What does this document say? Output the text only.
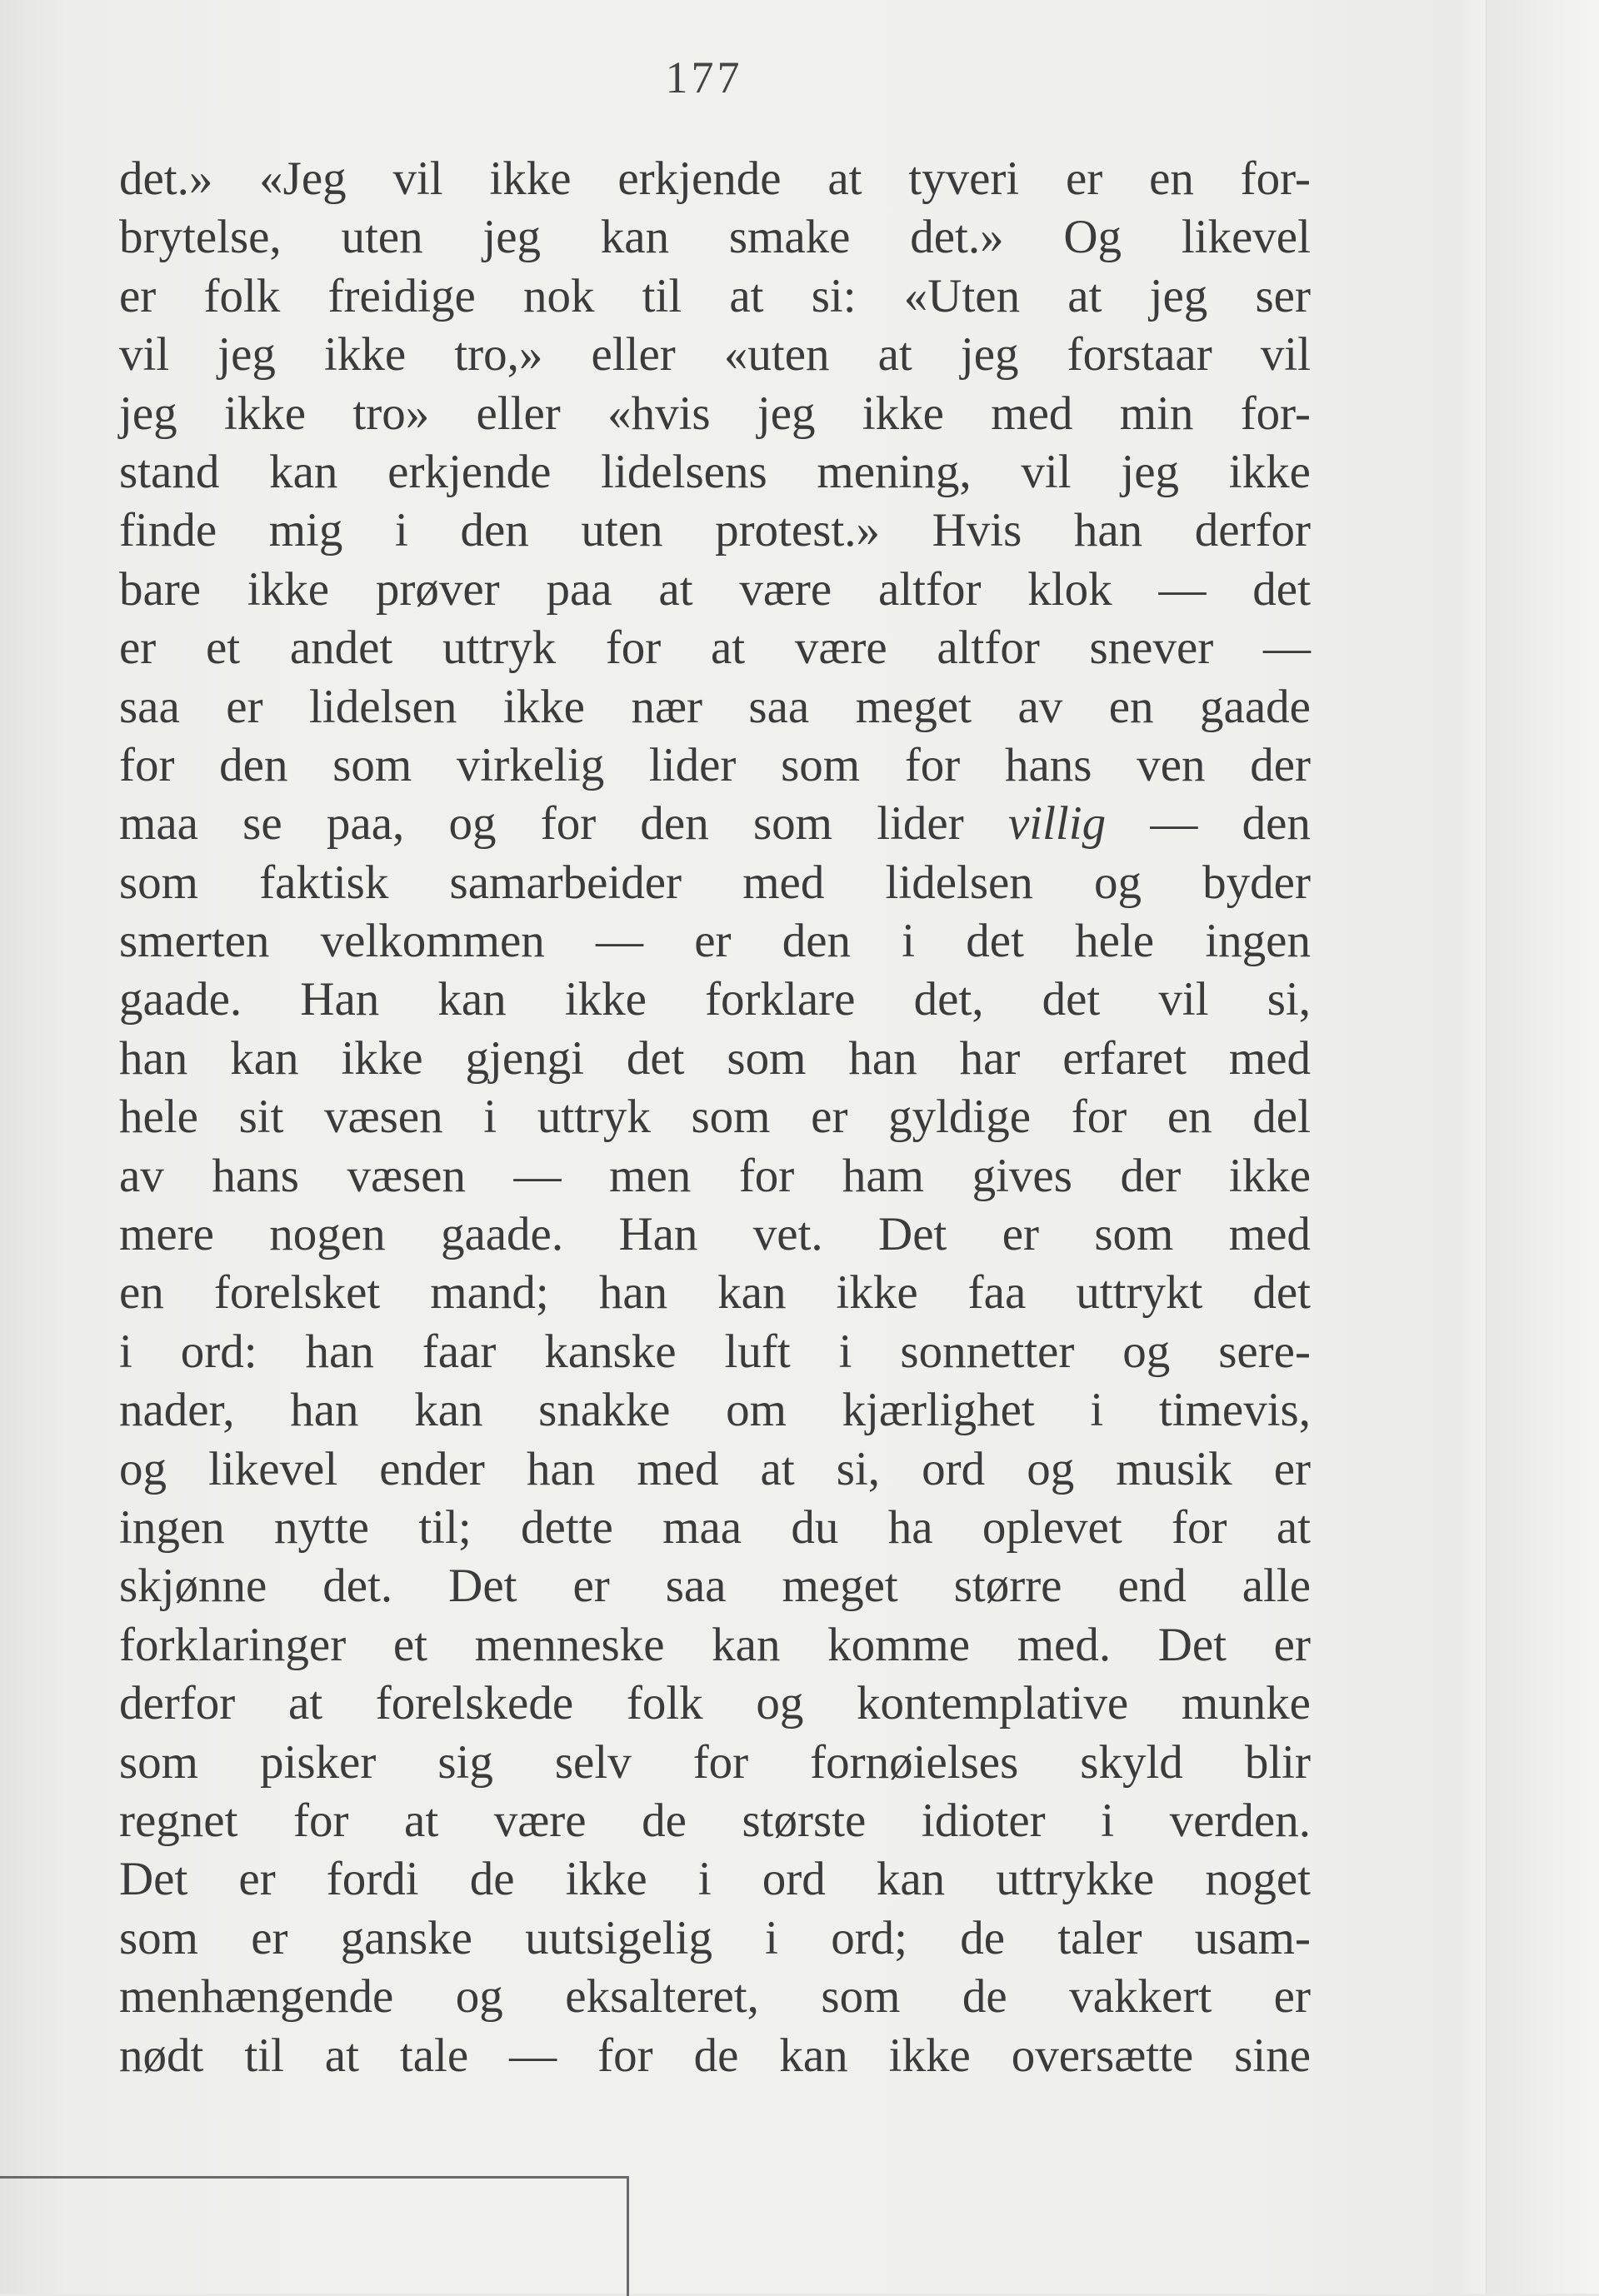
177
det.» «Jeg vil ikke erkjende at tyveri er en for-
brytelse, uten jeg kan smake det.» Og likevel
er folk freidige nok til at si: «Uten at jeg ser
vil jeg ikke tro,» eller «uten at jeg forstaar vil
jeg ikke tro» eller «hvis jeg ikke med min for-
stand kan erkjende lidelsens mening, vil jeg ikke
finde mig i den uten protest.» Hvis han derfor
bare ikke prøver paa at være altfor klok — det
er et andet uttryk for at være altfor snever —
saa er lidelsen ikke nær saa meget av en gaade
for den som virkelig lider som for hans ven der
maa se paa, og for den som lider villig — den
som faktisk samarbeider med lidelsen og byder
smerten velkommen — er den i det hele ingen
gaade. Han kan ikke forklare det, det vil si,
han kan ikke gjengi det som han har erfaret med
hele sit væsen i uttryk som er gyldige for en del
av hans væsen — men for ham gives der ikke
mere nogen gaade. Han vet. Det er som med
en forelsket mand; han kan ikke faa uttrykt det
i ord: han faar kanske luft i sonnetter og sere-
nader, han kan snakke om kjærlighet i timevis,
og likevel ender han med at si, ord og musik er
ingen nytte til; dette maa du ha oplevet for at
skjønne det. Det er saa meget større end alle
forklaringer et menneske kan komme med. Det er
derfor at forelskede folk og kontemplative munke
som pisker sig selv for fornøielses skyld blir
regnet for at være de største idioter i verden.
Det er fordi de ikke i ord kan uttrykke noget
som er ganske uutsigelig i ord; de taler usam-
menhængende og eksalteret, som de vakkert er
nødt til at tale — for de kan ikke oversætte sine
